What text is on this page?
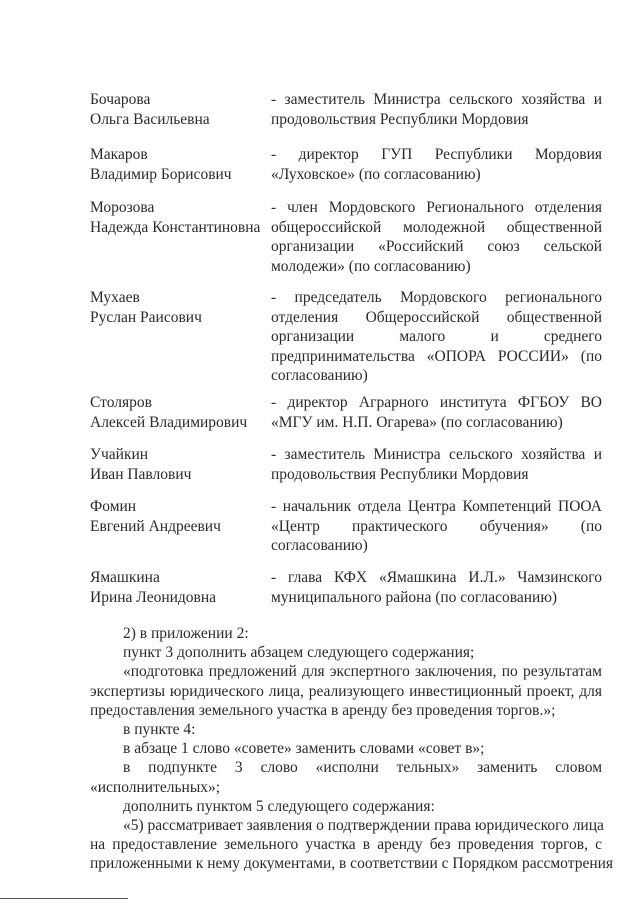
Бочарова
Ольга Васильевна
- заместитель Министра сельского хозяйства и
продовольствия Республики Мордовия
Макаров
Владимир Борисович
- директор ГУП Республики Мордовия
«Луховское» (по согласованию)
Морозова
Надежда Константиновна
- член Мордовского Регионального отделения
общероссийской молодежной общественной
организации «Российский союз сельской
молодежи» (по согласованию)
Мухаев
Руслан Раисович
- председатель Мордовского регионального
отделения Общероссийской общественной
организации малого и среднего
предпринимательства «ОПОРА РОССИИ» (по
согласованию)
Столяров
Алексей Владимирович
- директор Аграрного института ФГБОУ ВО
«МГУ им. Н.П. Огарева» (по согласованию)
Учайкин
Иван Павлович
- заместитель Министра сельского хозяйства и
продовольствия Республики Мордовия
Фомин
Евгений Андреевич
- начальник отдела Центра Компетенций ПООА
«Центр практического обучения» (по
согласованию)
Ямашкина
Ирина Леонидовна
- глава КФХ «Ямашкина И.Л.» Чамзинского
муниципального района (по согласованию)
2) в приложении 2:
пункт 3 дополнить абзацем следующего содержания;
«подготовка предложений для экспертного заключения, по результатам
экспертизы юридического лица, реализующего инвестиционный проект, для
предоставления земельного участка в аренду без проведения торгов.»;
в пункте 4:
в абзаце 1 слово «совете» заменить словами «совет в»;
в подпункте 3 слово «исполни тельных» заменить словом
«исполнительных»;
дополнить пунктом 5 следующего содержания:
«5) рассматривает заявления о подтверждении права юридического лица
на предоставление земельного участка в аренду без проведения торгов, с
приложенными к нему документами, в соответствии с Порядком рассмотрения
